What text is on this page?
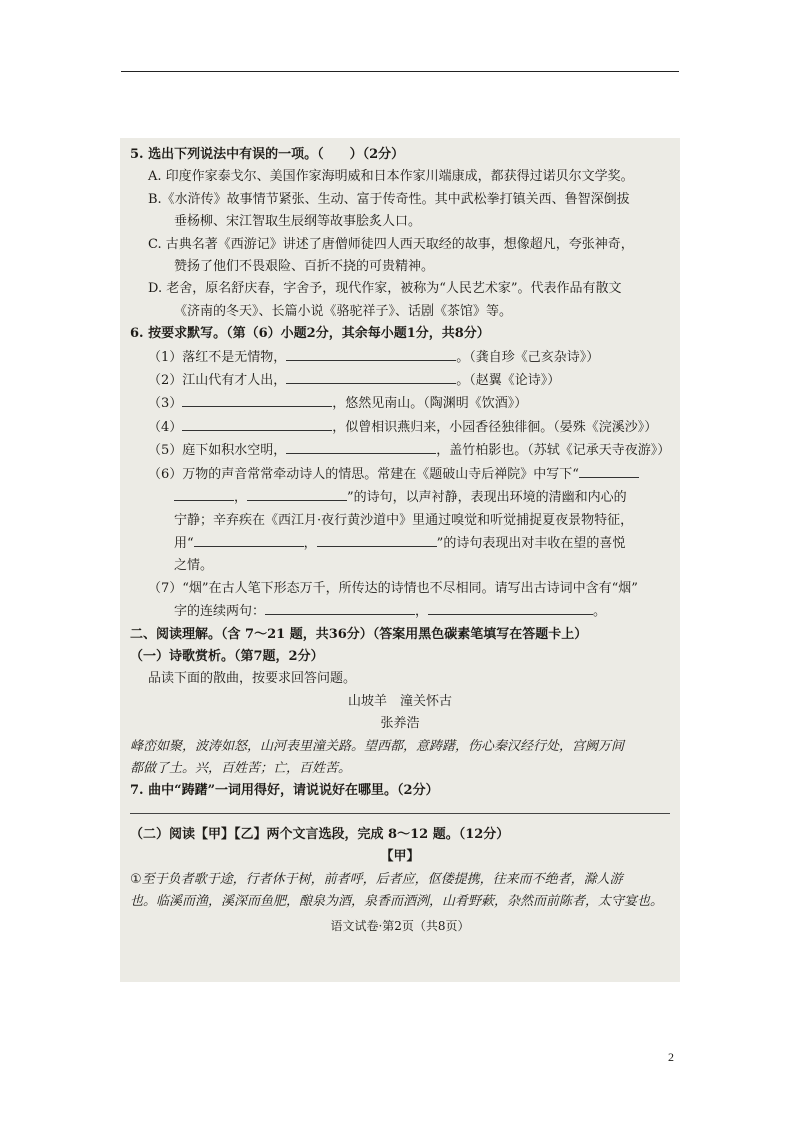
5. 选出下列说法中有误的一项。（　　）（2分）
A. 印度作家泰戈尔、美国作家海明威和日本作家川端康成，都获得过诺贝尔文学奖。
B.《水浒传》故事情节紧张、生动、富于传奇性。其中武松拳打镇关西、鲁智深倒拔
垂杨柳、宋江智取生辰纲等故事脍炙人口。
C. 古典名著《西游记》讲述了唐僧师徒四人西天取经的故事，想像超凡，夸张神奇，
赞扬了他们不畏艰险、百折不挠的可贵精神。
D. 老舍，原名舒庆春，字舍予，现代作家，被称为“人民艺术家”。代表作品有散文
《济南的冬天》、长篇小说《骆驼祥子》、话剧《茶馆》等。
6. 按要求默写。（第（6）小题2分，其余每小题1分，共8分）
（1）落红不是无情物，	。（龚自珍《己亥杂诗》）
（2）江山代有才人出，	。（赵翼《论诗》）
（3）	，悠然见南山。（陶渊明《饮酒》）
（4）	，似曾相识燕归来，小园香径独徘徊。（晏殊《浣溪沙》）
（5）庭下如积水空明，	，盖竹柏影也。（苏轼《记承天寺夜游》）
（6）万物的声音常常牵动诗人的情思。常建在《题破山寺后禅院》中写下“
，	”的诗句，以声衬静，表现出环境的清幽和内心的
宁静；辛弃疾在《西江月·夜行黄沙道中》里通过嗅觉和听觉捕捉夏夜景物特征，
用“	，	”的诗句表现出对丰收在望的喜悦
之情。
（7）“烟”在古人笔下形态万千，所传达的诗情也不尽相同。请写出古诗词中含有“烟”
字的连续两句：	，	。
二、阅读理解。（含 7～21 题，共36分）（答案用黑色碳素笔填写在答题卡上）
（一）诗歌赏析。（第7题，2分）
品读下面的散曲，按要求回答问题。
山坡羊　潼关怀古
张养浩
峰峦如聚，波涛如怒，山河表里潼关路。望西都，意踌躇，伤心秦汉经行处，宫阙万间
都做了土。兴，百姓苦；亡，百姓苦。
7. 曲中“踌躇”一词用得好，请说说好在哪里。（2分）
（二）阅读【甲】【乙】两个文言选段，完成 8～12 题。（12分）
【甲】
①至于负者歌于途，行者休于树，前者呼，后者应，伛偻提携，往来而不绝者，滁人游
也。临溪而渔，溪深而鱼肥，酿泉为酒，泉香而酒洌，山肴野蔌，杂然而前陈者，太守宴也。
语文试卷·第2页（共8页）
2
